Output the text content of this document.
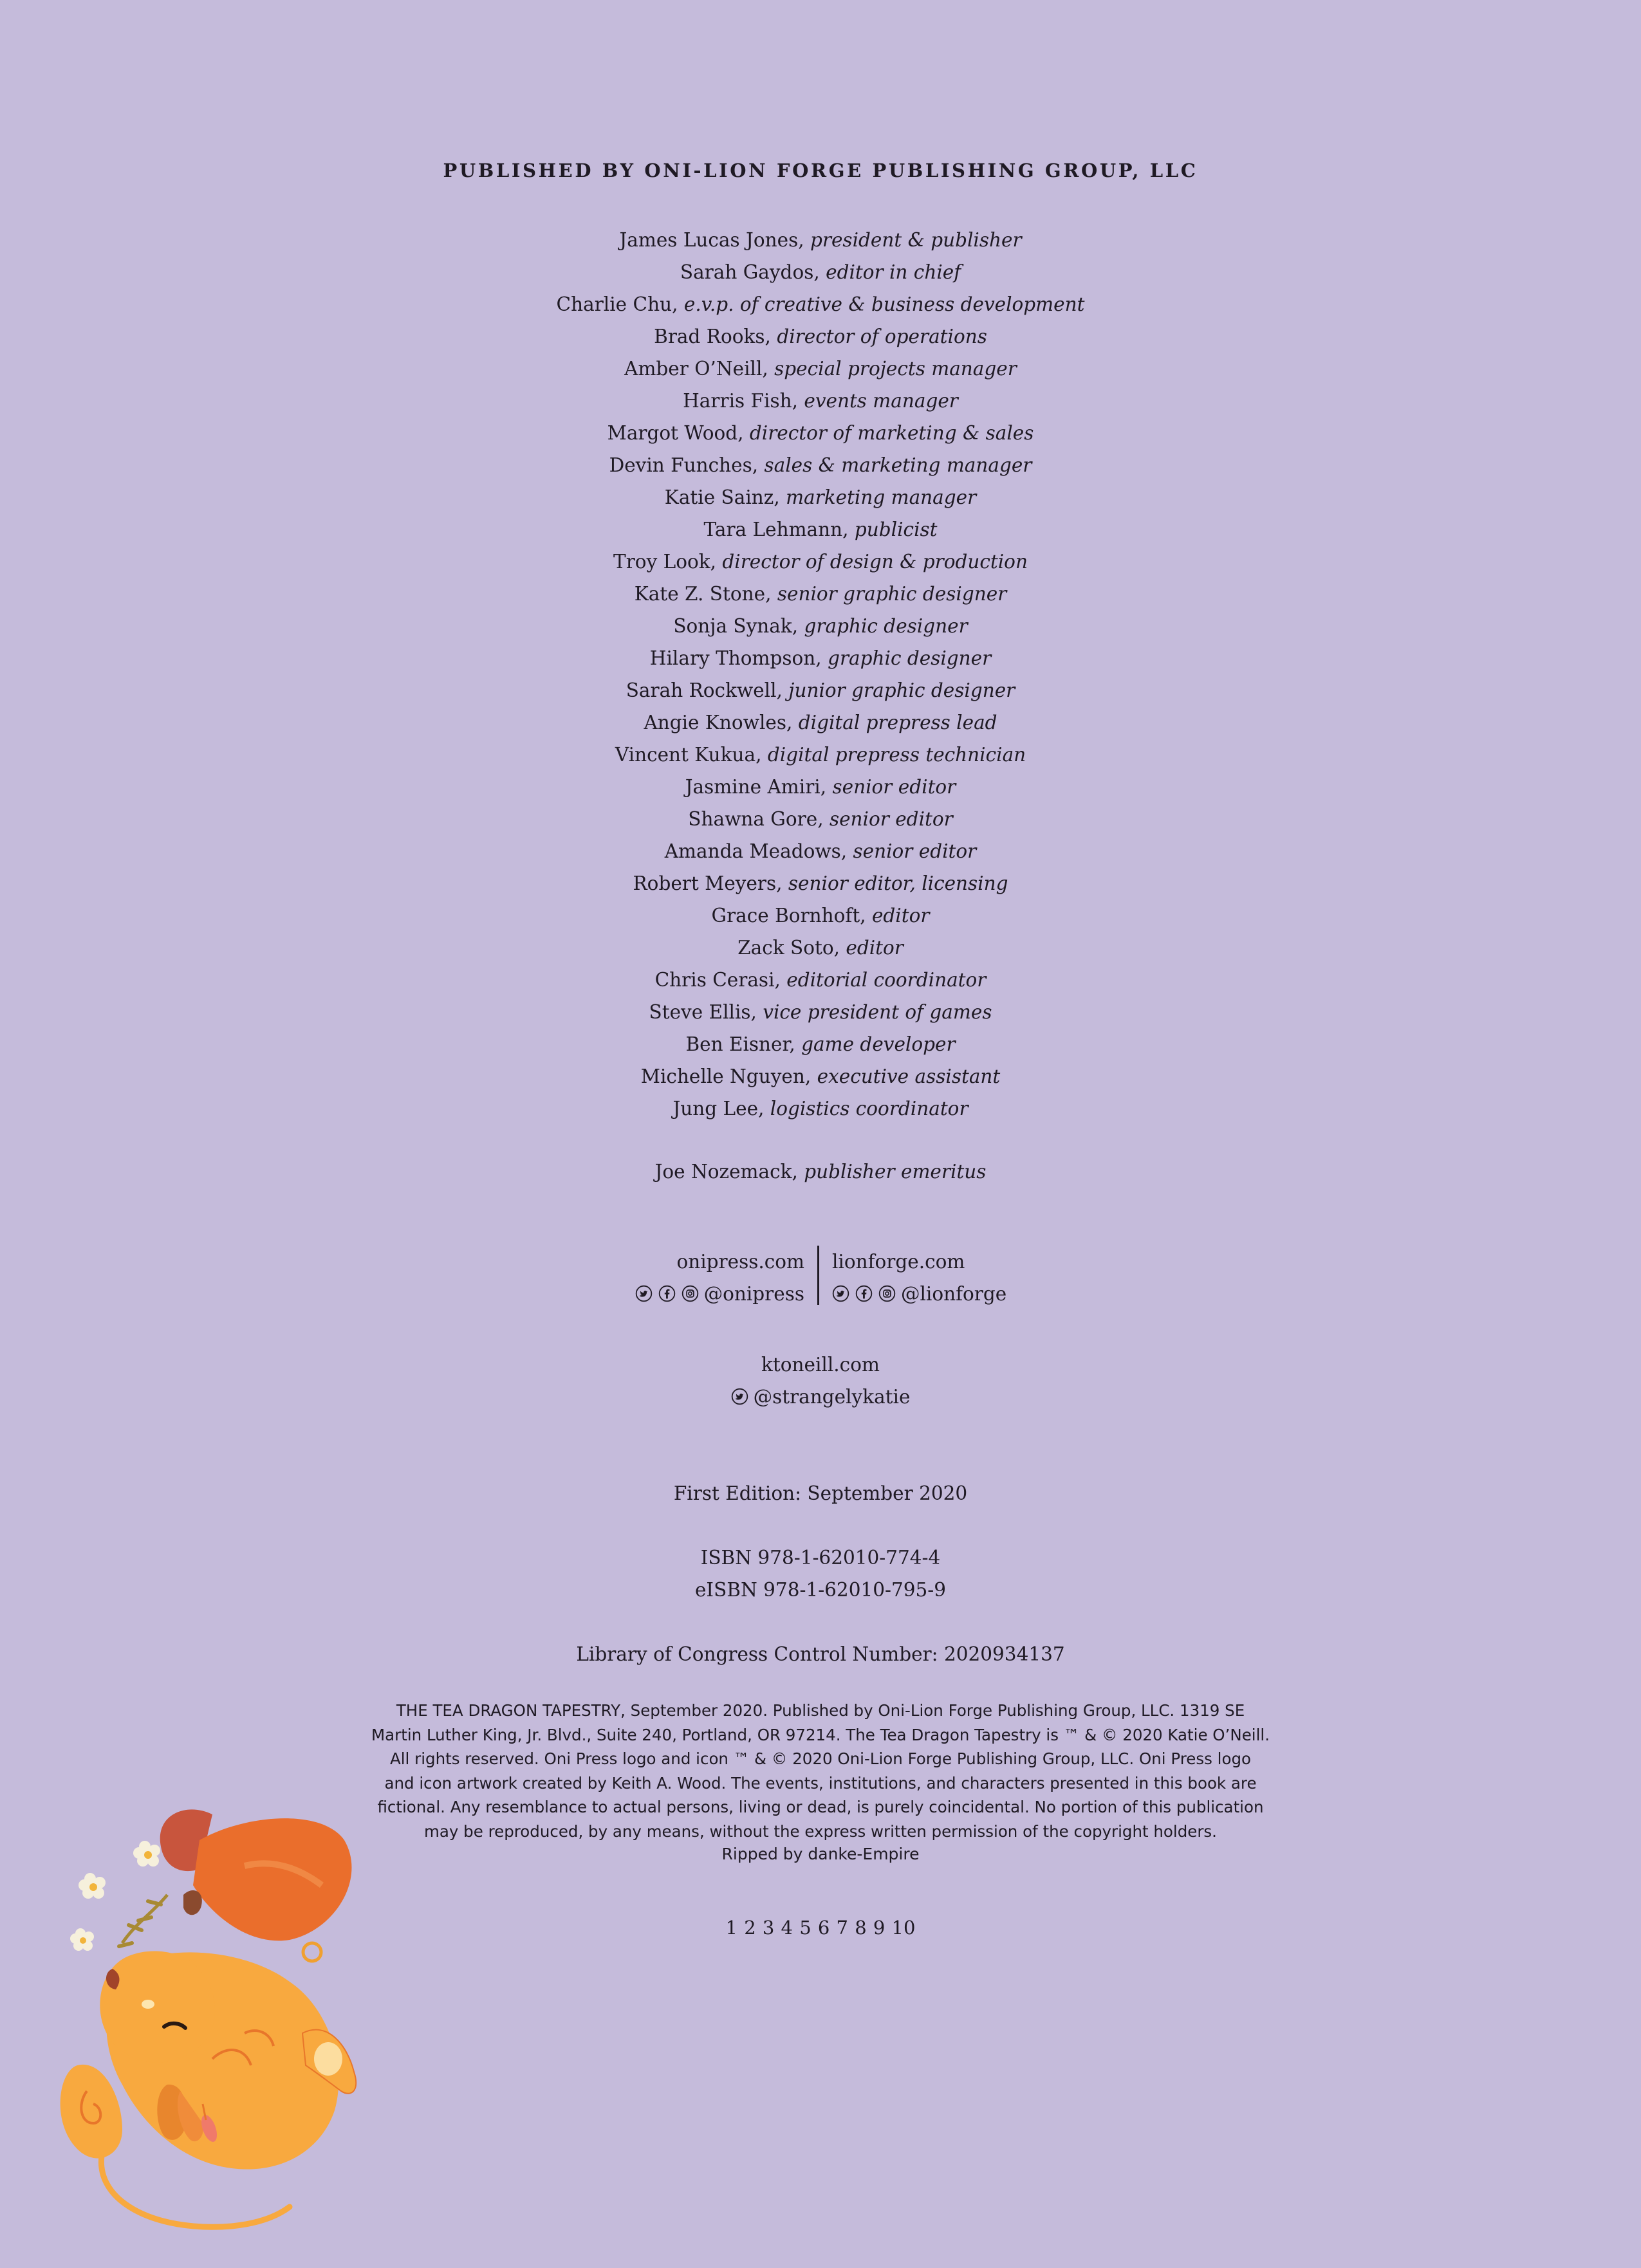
PUBLISHED BY ONI-LION FORGE PUBLISHING GROUP, LLC
James Lucas Jones, president & publisher
Sarah Gaydos, editor in chief
Charlie Chu, e.v.p. of creative & business development
Brad Rooks, director of operations
Amber O’Neill, special projects manager
Harris Fish, events manager
Margot Wood, director of marketing & sales
Devin Funches, sales & marketing manager
Katie Sainz, marketing manager
Tara Lehmann, publicist
Troy Look, director of design & production
Kate Z. Stone, senior graphic designer
Sonja Synak, graphic designer
Hilary Thompson, graphic designer
Sarah Rockwell, junior graphic designer
Angie Knowles, digital prepress lead
Vincent Kukua, digital prepress technician
Jasmine Amiri, senior editor
Shawna Gore, senior editor
Amanda Meadows, senior editor
Robert Meyers, senior editor, licensing
Grace Bornhoft, editor
Zack Soto, editor
Chris Cerasi, editorial coordinator
Steve Ellis, vice president of games
Ben Eisner, game developer
Michelle Nguyen, executive assistant
Jung Lee, logistics coordinator
Joe Nozemack, publisher emeritus
onipress.com
@onipress
lionforge.com
@lionforge
ktoneill.com
@strangelykatie
First Edition: September 2020
ISBN 978-1-62010-774-4
eISBN 978-1-62010-795-9
Library of Congress Control Number: 2020934137
THE TEA DRAGON TAPESTRY, September 2020. Published by Oni-Lion Forge Publishing Group, LLC. 1319 SE
Martin Luther King, Jr. Blvd., Suite 240, Portland, OR 97214. The Tea Dragon Tapestry is ™ & © 2020 Katie O’Neill.
All rights reserved. Oni Press logo and icon ™ & © 2020 Oni-Lion Forge Publishing Group, LLC. Oni Press logo
and icon artwork created by Keith A. Wood. The events, institutions, and characters presented in this book are
fictional. Any resemblance to actual persons, living or dead, is purely coincidental. No portion of this publication
may be reproduced, by any means, without the express written permission of the copyright holders.
Ripped by danke-Empire
1 2 3 4 5 6 7 8 9 10
